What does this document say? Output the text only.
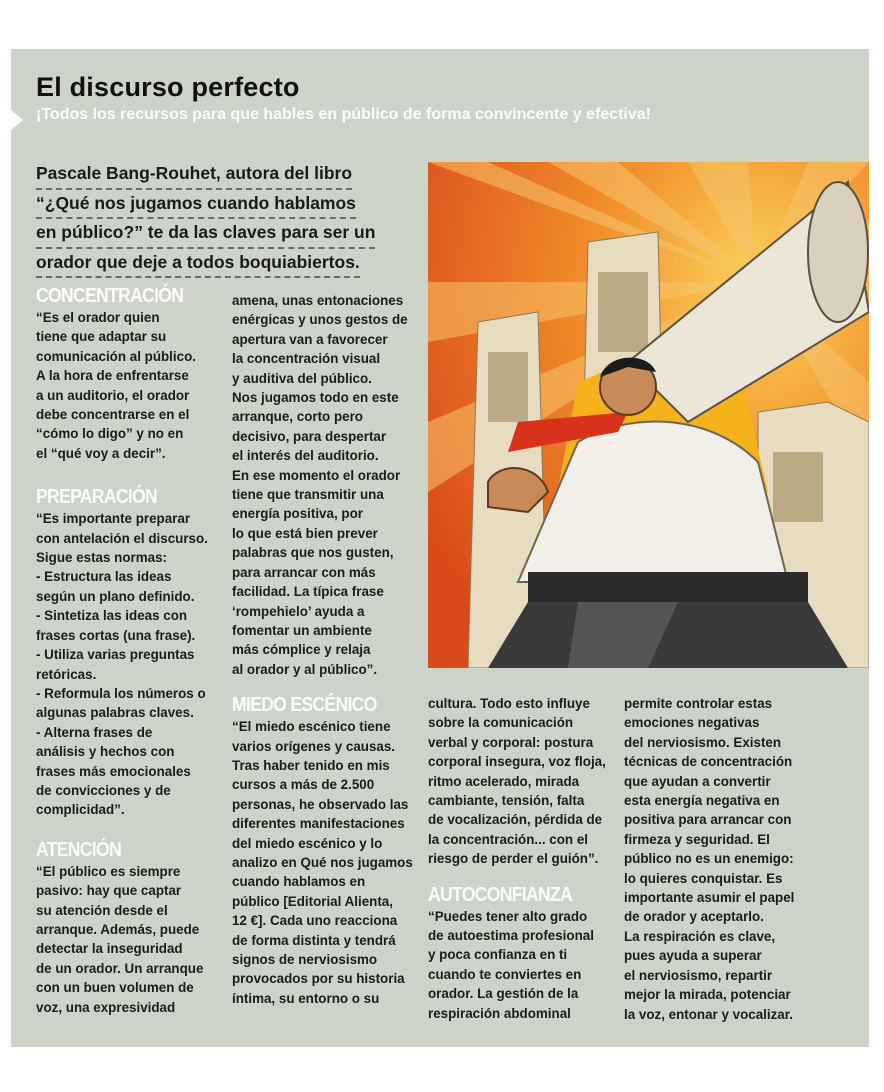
El discurso perfecto
¡Todos los recursos para que hables en público de forma convincente y efectiva!
Pascale Bang-Rouhet, autora del libro
“¿Qué nos jugamos cuando hablamos
en público?” te da las claves para ser un
orador que deje a todos boquiabiertos.
CONCENTRACIÓN

“Es el orador quien

tiene que adaptar su

comunicación al público.

A la hora de enfrentarse

a un auditorio, el orador

debe concentrarse en el

“cómo lo digo” y no en

el “qué voy a decir”.

PREPARACIÓN

“Es importante preparar

con antelación el discurso.

Sigue estas normas:

- Estructura las ideas

según un plano definido.

- Sintetiza las ideas con

frases cortas (una frase).

- Utiliza varias preguntas

retóricas.

- Reformula los números o

algunas palabras claves.

- Alterna frases de

análisis y hechos con

frases más emocionales

de convicciones y de

complicidad”.

ATENCIÓN

“El público es siempre

pasivo: hay que captar

su atención desde el

arranque. Además, puede

detectar la inseguridad

de un orador. Un arranque

con un buen volumen de

voz, una expresividad

amena, unas entonaciones

enérgicas y unos gestos de

apertura van a favorecer

la concentración visual

y auditiva del público.

Nos jugamos todo en este

arranque, corto pero

decisivo, para despertar

el interés del auditorio.

En ese momento el orador

tiene que transmitir una

energía positiva, por

lo que está bien prever

palabras que nos gusten,

para arrancar con más

facilidad. La típica frase

‘rompehielo’ ayuda a

fomentar un ambiente

más cómplice y relaja

al orador y al público”.

MIEDO ESCÉNICO

“El miedo escénico tiene

varios orígenes y causas.

Tras haber tenido en mis

cursos a más de 2.500

personas, he observado las

diferentes manifestaciones

del miedo escénico y lo

analizo en Qué nos jugamos

cuando hablamos en

público [Editorial Alienta,

12 €]. Cada uno reacciona

de forma distinta y tendrá

signos de nerviosismo

provocados por su historia

íntima, su entorno o su

cultura. Todo esto influye

sobre la comunicación

verbal y corporal: postura

corporal insegura, voz floja,

ritmo acelerado, mirada

cambiante, tensión, falta

de vocalización, pérdida de

la concentración... con el

riesgo de perder el guión”.

AUTOCONFIANZA

“Puedes tener alto grado

de autoestima profesional

y poca confianza en ti

cuando te conviertes en

orador. La gestión de la

respiración abdominal

permite controlar estas

emociones negativas

del nerviosismo. Existen

técnicas de concentración

que ayudan a convertir

esta energía negativa en

positiva para arrancar con

firmeza y seguridad. El

público no es un enemigo:

lo quieres conquistar. Es

importante asumir el papel

de orador y aceptarlo.

La respiración es clave,

pues ayuda a superar

el nerviosismo, repartir

mejor la mirada, potenciar

la voz, entonar y vocalizar.
